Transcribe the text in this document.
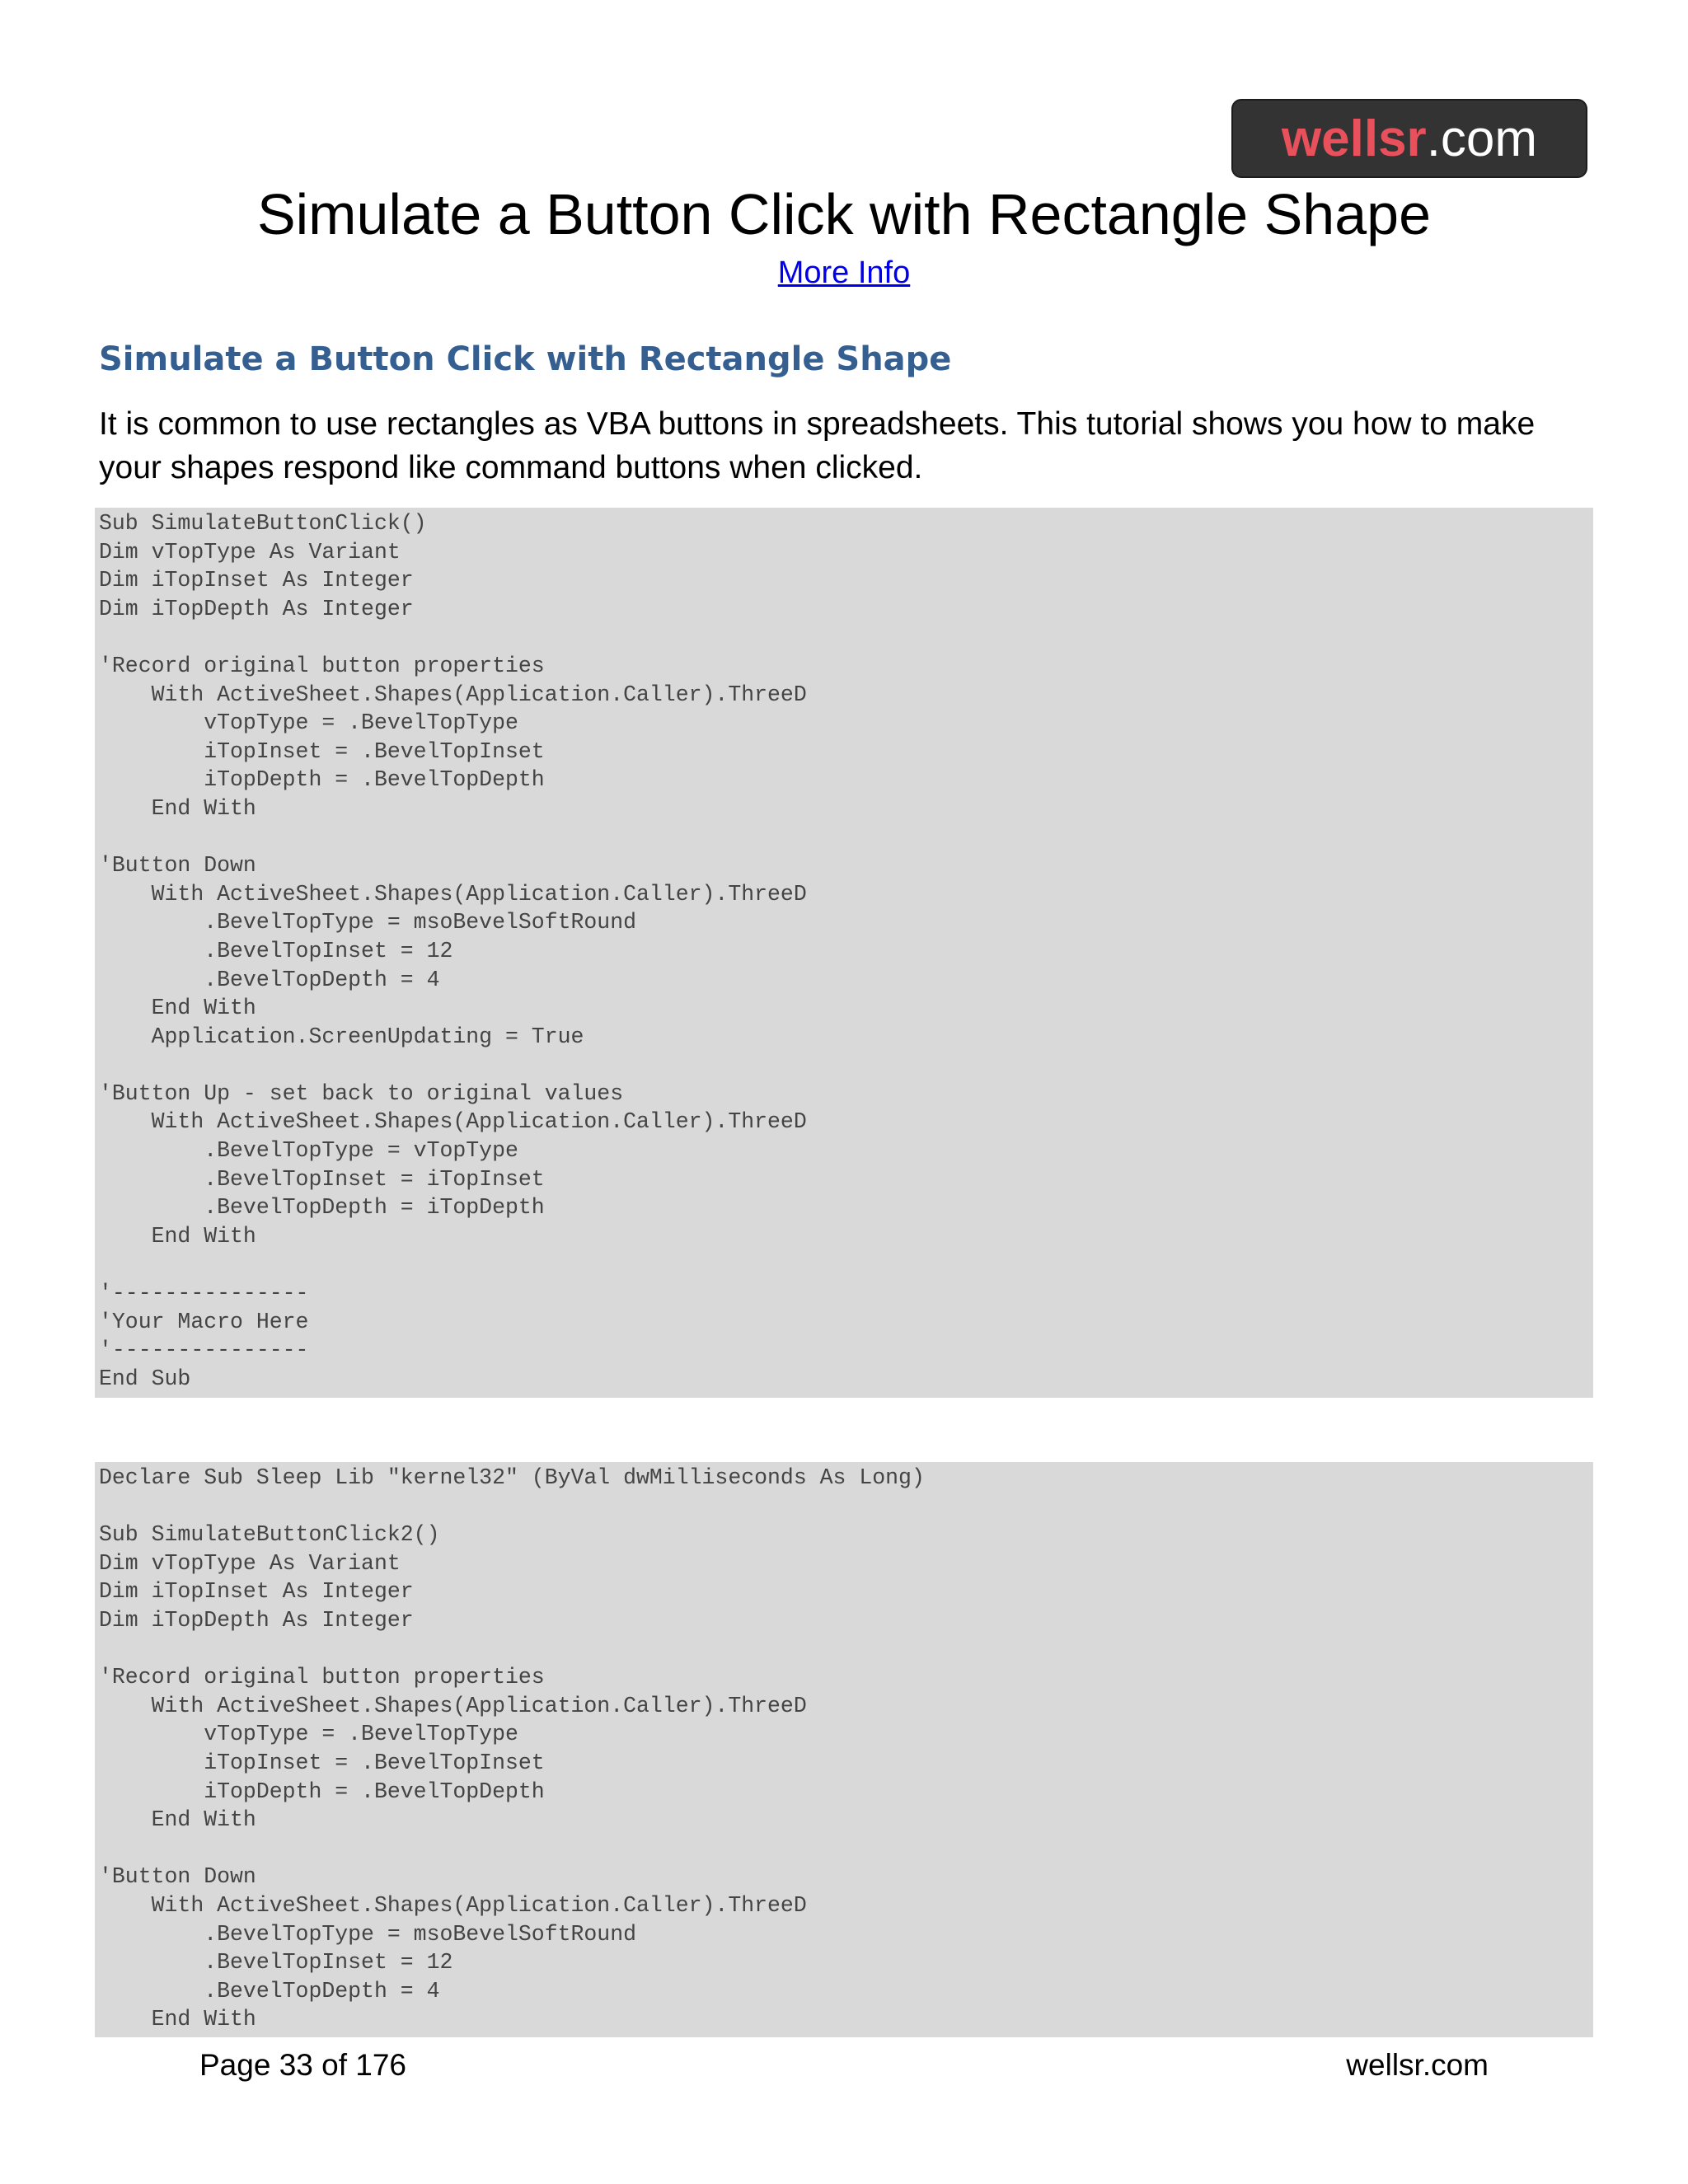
wellsr .com
Simulate a Button Click with Rectangle Shape
More Info
Simulate a Button Click with Rectangle Shape

It is common to use rectangles as VBA buttons in spreadsheets. This tutorial shows you how to make your shapes respond like command buttons when clicked.

Sub SimulateButtonClick()
Dim vTopType As Variant
Dim iTopInset As Integer
Dim iTopDepth As Integer
'Record original button properties
With ActiveSheet.Shapes(Application.Caller).ThreeD
vTopType = .BevelTopType
iTopInset = .BevelTopInset
iTopDepth = .BevelTopDepth
End With
'Button Down
With ActiveSheet.Shapes(Application.Caller).ThreeD
.BevelTopType = msoBevelSoftRound
.BevelTopInset = 12
.BevelTopDepth = 4
End With
Application.ScreenUpdating = True
'Button Up - set back to original values
With ActiveSheet.Shapes(Application.Caller).ThreeD
.BevelTopType = vTopType
.BevelTopInset = iTopInset
.BevelTopDepth = iTopDepth
End With
'---------------
'Your Macro Here
'---------------
End Sub
Declare Sub Sleep Lib "kernel32" (ByVal dwMilliseconds As Long)
Sub SimulateButtonClick2()
Dim vTopType As Variant
Dim iTopInset As Integer
Dim iTopDepth As Integer
'Record original button properties
With ActiveSheet.Shapes(Application.Caller).ThreeD
vTopType = .BevelTopType
iTopInset = .BevelTopInset
iTopDepth = .BevelTopDepth
End With
'Button Down
With ActiveSheet.Shapes(Application.Caller).ThreeD
.BevelTopType = msoBevelSoftRound
.BevelTopInset = 12
.BevelTopDepth = 4
End With
Page 33 of 176	wellsr.com
